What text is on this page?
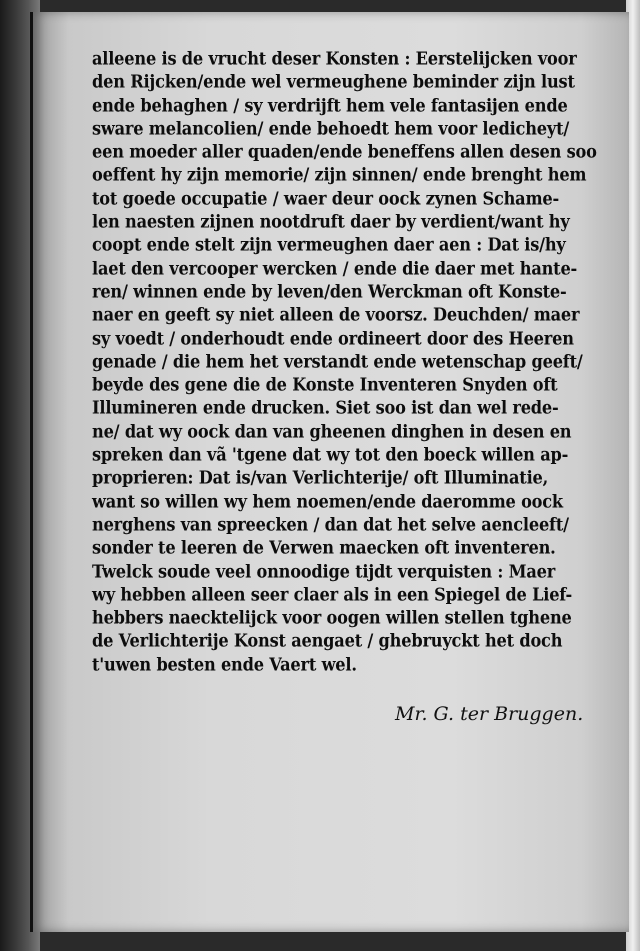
alleene is de vrucht deser Konsten : Eerstelijcken voor
den Rijcken/ende wel vermeughene beminder zijn lust
ende behaghen / sy verdrijft hem vele fantasijen ende
sware melancolien/ ende behoedt hem voor ledicheyt/
een moeder aller quaden/ende beneffens allen desen soo
oeffent hy zijn memorie/ zijn sinnen/ ende brenght hem
tot goede occupatie / waer deur oock zynen Schame-
len naesten zijnen nootdruft daer by verdient/want hy
coopt ende stelt zijn vermeughen daer aen : Dat is/hy
laet den vercooper wercken / ende die daer met hante-
ren/ winnen ende by leven/den Werckman oft Konste-
naer en geeft sy niet alleen de voorsz. Deuchden/ maer
sy voedt / onderhoudt ende ordineert door des Heeren
genade / die hem het verstandt ende wetenschap geeft/
beyde des gene die de Konste Inventeren Snyden oft
Illumineren ende drucken. Siet soo ist dan wel rede-
ne/ dat wy oock dan van gheenen dinghen in desen en
spreken dan vã 'tgene dat wy tot den boeck willen ap-
proprieren: Dat is/van Verlichterije/ oft Illuminatie,
want so willen wy hem noemen/ende daeromme oock
nerghens van spreecken / dan dat het selve aencleeft/
sonder te leeren de Verwen maecken oft inventeren.
Twelck soude veel onnoodige tijdt verquisten : Maer
wy hebben alleen seer claer als in een Spiegel de Lief-
hebbers naecktelijck voor oogen willen stellen tghene
de Verlichterije Konst aengaet / ghebruyckt het doch
t'uwen besten ende Vaert wel.
Mr. G. ter Bruggen.
